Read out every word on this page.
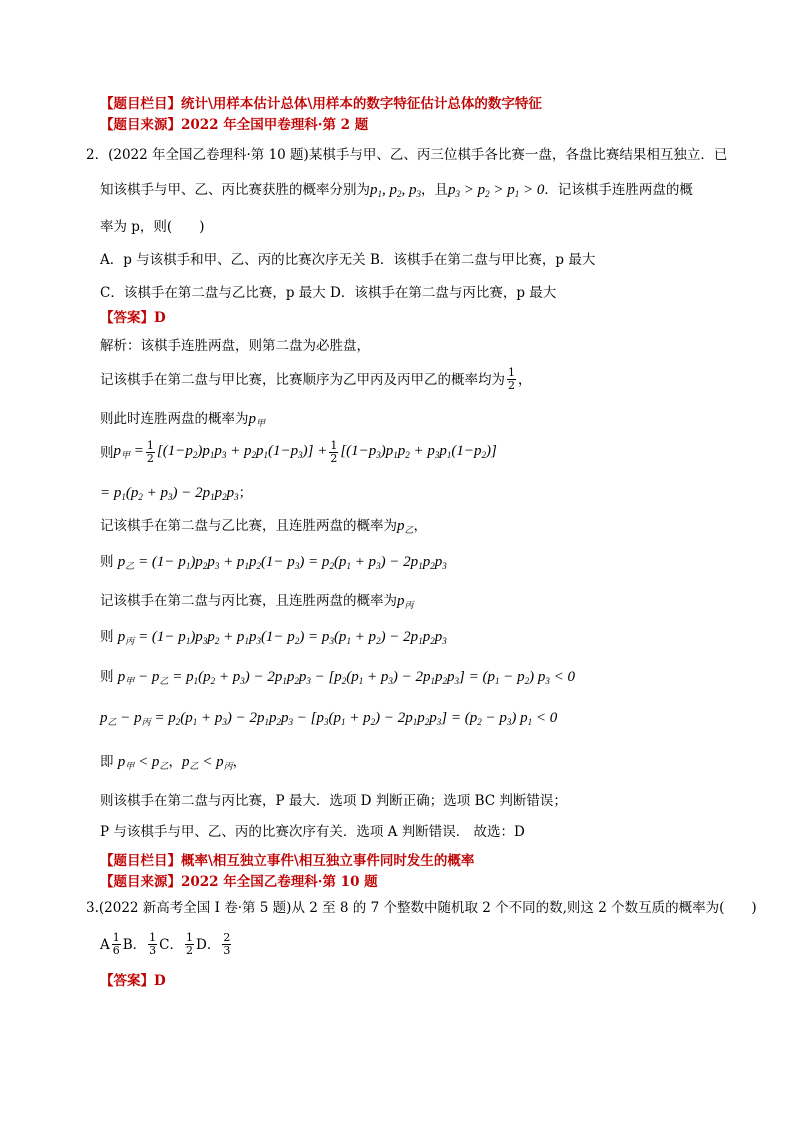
【题目栏目】统计\用样本估计总体\用样本的数字特征估计总体的数字特征
【题目来源】2022 年全国甲卷理科·第 2 题
2．(2022 年全国乙卷理科·第 10 题)某棋手与甲、乙、丙三位棋手各比赛一盘，各盘比赛结果相互独立．已
知该棋手与甲、乙、丙比赛获胜的概率分别为$p_1$, $p_2$, $p_3$，且$p_3 > p_2 > p_1 > 0$．记该棋手连胜两盘的概
率为 p，则(　　)
A．p 与该棋手和甲、乙、丙的比赛次序无关 B．该棋手在第二盘与甲比赛，p 最大
C．该棋手在第二盘与乙比赛，p 最大 D．该棋手在第二盘与丙比赛，p 最大
【答案】D
解析：该棋手连胜两盘，则第二盘为必胜盘，
记该棋手在第二盘与甲比赛，比赛顺序为乙甲丙及丙甲乙的概率均为 $\frac{1}{2}$ ，
则此时连胜两盘的概率为$p_甲$
则 $p_甲 = \frac{1}{2} [(1-p_2)p_1p_3 + p_2p_1(1-p_3)] + \frac{1}{2} [(1-p_3)p_1p_2 + p_3p_1(1-p_2)]$
= $p_1(p_2 + p_3) - 2p_1p_2p_3$；
记该棋手在第二盘与乙比赛，且连胜两盘的概率为$p_乙$，
则 $p_乙 = (1- p_1)p_2p_3 + p_1p_2(1- p_3) = p_2(p_1 + p_3) - 2p_1p_2p_3$
记该棋手在第二盘与丙比赛，且连胜两盘的概率为$p_丙$
则 $p_丙 = (1- p_1)p_3p_2 + p_1p_3(1- p_2) = p_3(p_1 + p_2) - 2p_1p_2p_3$
则 $p_甲 - p_乙 = p_1(p_2 + p_3) - 2p_1p_2p_3 - [p_2(p_1 + p_3) - 2p_1p_2p_3] = (p_1 - p_2) p_3 < 0$
$p_乙 - p_丙 = p_2(p_1 + p_3) - 2p_1p_2p_3 - [p_3(p_1 + p_2) - 2p_1p_2p_3] = (p_2 - p_3) p_1 < 0$
即 $p_甲 < p_乙$，$p_乙 < p_丙$，
则该棋手在第二盘与丙比赛，P 最大．选项 D 判断正确；选项 BC 判断错误；
P 与该棋手与甲、乙、丙的比赛次序有关．选项 A 判断错误． 故选：D
【题目栏目】概率\相互独立事件\相互独立事件同时发生的概率
【题目来源】2022 年全国乙卷理科·第 10 题
3.(2022 新高考全国 I 卷·第 5 题)从 2 至 8 的 7 个整数中随机取 2 个不同的数,则这 2 个数互质的概率为(　　)
A $\frac{1}{6}$ B． $\frac{1}{3}$ C． $\frac{1}{2}$ D． $\frac{2}{3}$
【答案】D
